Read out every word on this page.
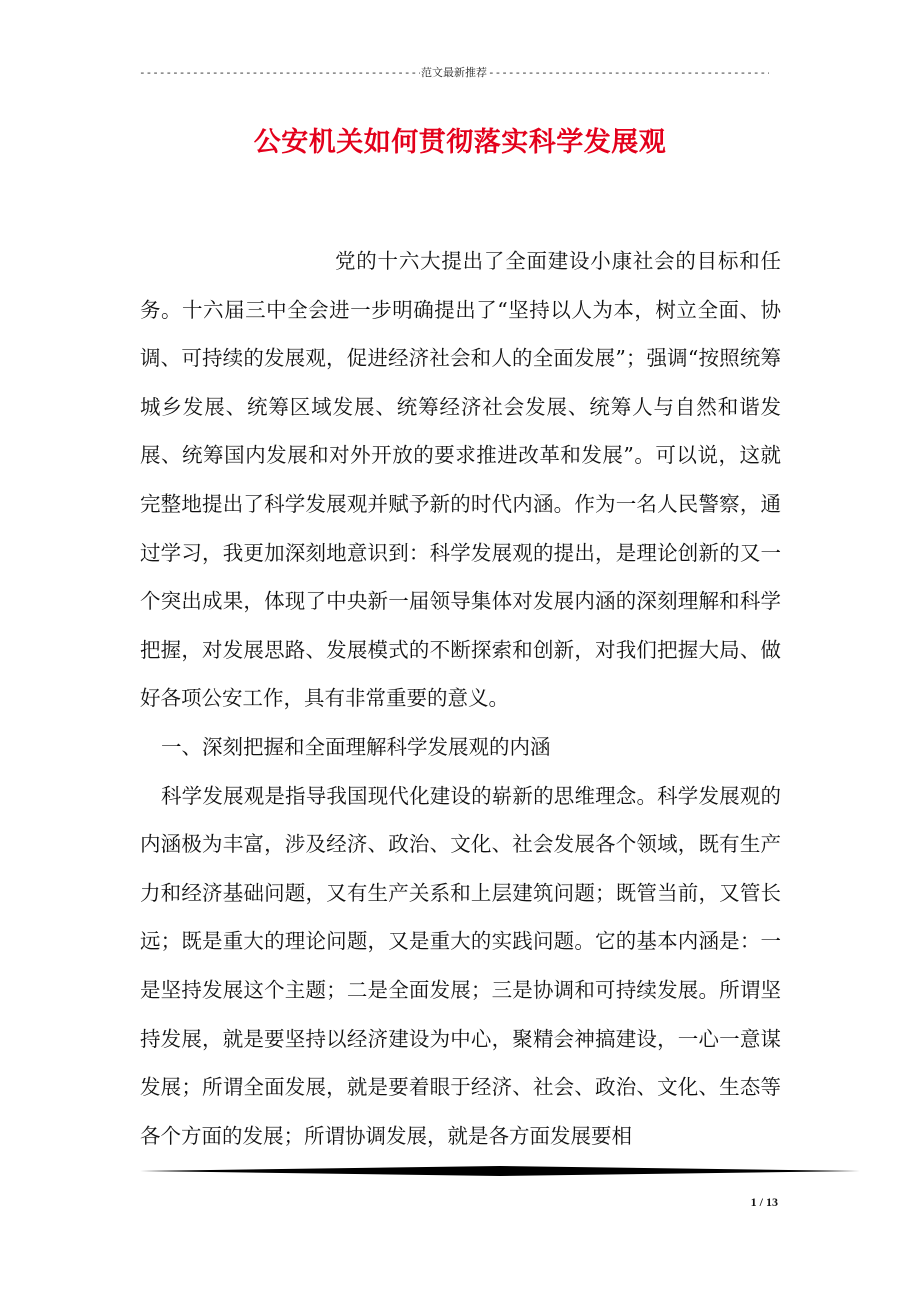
-----
范文最新推荐
-----
公安机关如何贯彻落实科学发展观

党的十六大提出了全面建设小康社会的目标和任务。十六届三中全会进一步明确提出了“坚持以人为本，树立全面、协调、可持续的发展观，促进经济社会和人的全面发展”；强调“按照统筹城乡发展、统筹区域发展、统筹经济社会发展、统筹人与自然和谐发展、统筹国内发展和对外开放的要求推进改革和发展”。可以说，这就完整地提出了科学发展观并赋予新的时代内涵。作为一名人民警察，通过学习，我更加深刻地意识到：科学发展观的提出，是理论创新的又一个突出成果，体现了中央新一届领导集体对发展内涵的深刻理解和科学把握，对发展思路、发展模式的不断探索和创新，对我们把握大局、做好各项公安工作，具有非常重要的意义。

一、深刻把握和全面理解科学发展观的内涵

科学发展观是指导我国现代化建设的崭新的思维理念。科学发展观的内涵极为丰富，涉及经济、政治、文化、社会发展各个领域，既有生产力和经济基础问题，又有生产关系和上层建筑问题；既管当前，又管长远；既是重大的理论问题，又是重大的实践问题。它的基本内涵是：一是坚持发展这个主题；二是全面发展；三是协调和可持续发展。所谓坚持发展，就是要坚持以经济建设为中心，聚精会神搞建设，一心一意谋发展；所谓全面发展，就是要着眼于经济、社会、政治、文化、生态等各个方面的发展；所谓协调发展，就是各方面发展要相

1 / 13
